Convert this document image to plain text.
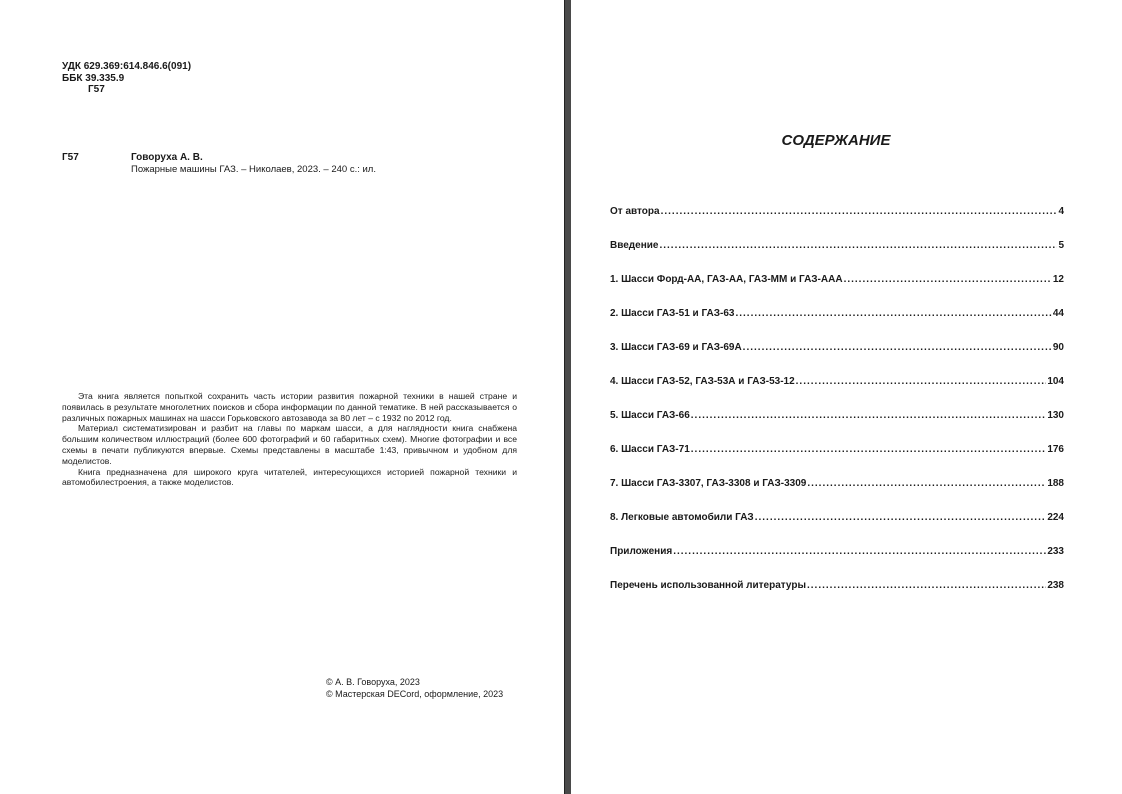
УДК 629.369:614.846.6(091)
ББК 39.335.9
Г57
Г57	Говоруха А. В.
Пожарные машины ГАЗ. – Николаев, 2023. – 240 с.: ил.

Эта книга является попыткой сохранить часть истории развития пожарной техники в нашей стране и появилась в результате многолетних поисков и сбора информации по данной тематике. В ней рассказывается о различных пожарных машинах на шасси Горьковского автозавода за 80 лет – с 1932 по 2012 год.

Материал систематизирован и разбит на главы по маркам шасси, а для наглядности книга снабжена большим количеством иллюстраций (более 600 фотографий и 60 габаритных схем). Многие фотографии и все схемы в печати публикуются впервые. Схемы представлены в масштабе 1:43, привычном и удобном для моделистов.

Книга предназначена для широкого круга читателей, интересующихся историей пожарной техники и автомобилестроения, а также моделистов.

© А. В. Говоруха, 2023
© Мастерская DECord, оформление, 2023
СОДЕРЖАНИЕ
От автора .....	4
Введение .....	5
1. Шасси Форд-АА, ГАЗ-АА, ГАЗ-ММ и ГАЗ-ААА .....	12
2. Шасси ГАЗ-51 и ГАЗ-63 .....	44
3. Шасси ГАЗ-69 и ГАЗ-69А .....	90
4. Шасси ГАЗ-52, ГАЗ-53А и ГАЗ-53-12 .....	104
5. Шасси ГАЗ-66 .....	130
6. Шасси ГАЗ-71 .....	176
7. Шасси ГАЗ-3307, ГАЗ-3308 и ГАЗ-3309 .....	188
8. Легковые автомобили ГАЗ .....	224
Приложения .....	233
Перечень использованной литературы .....	238
